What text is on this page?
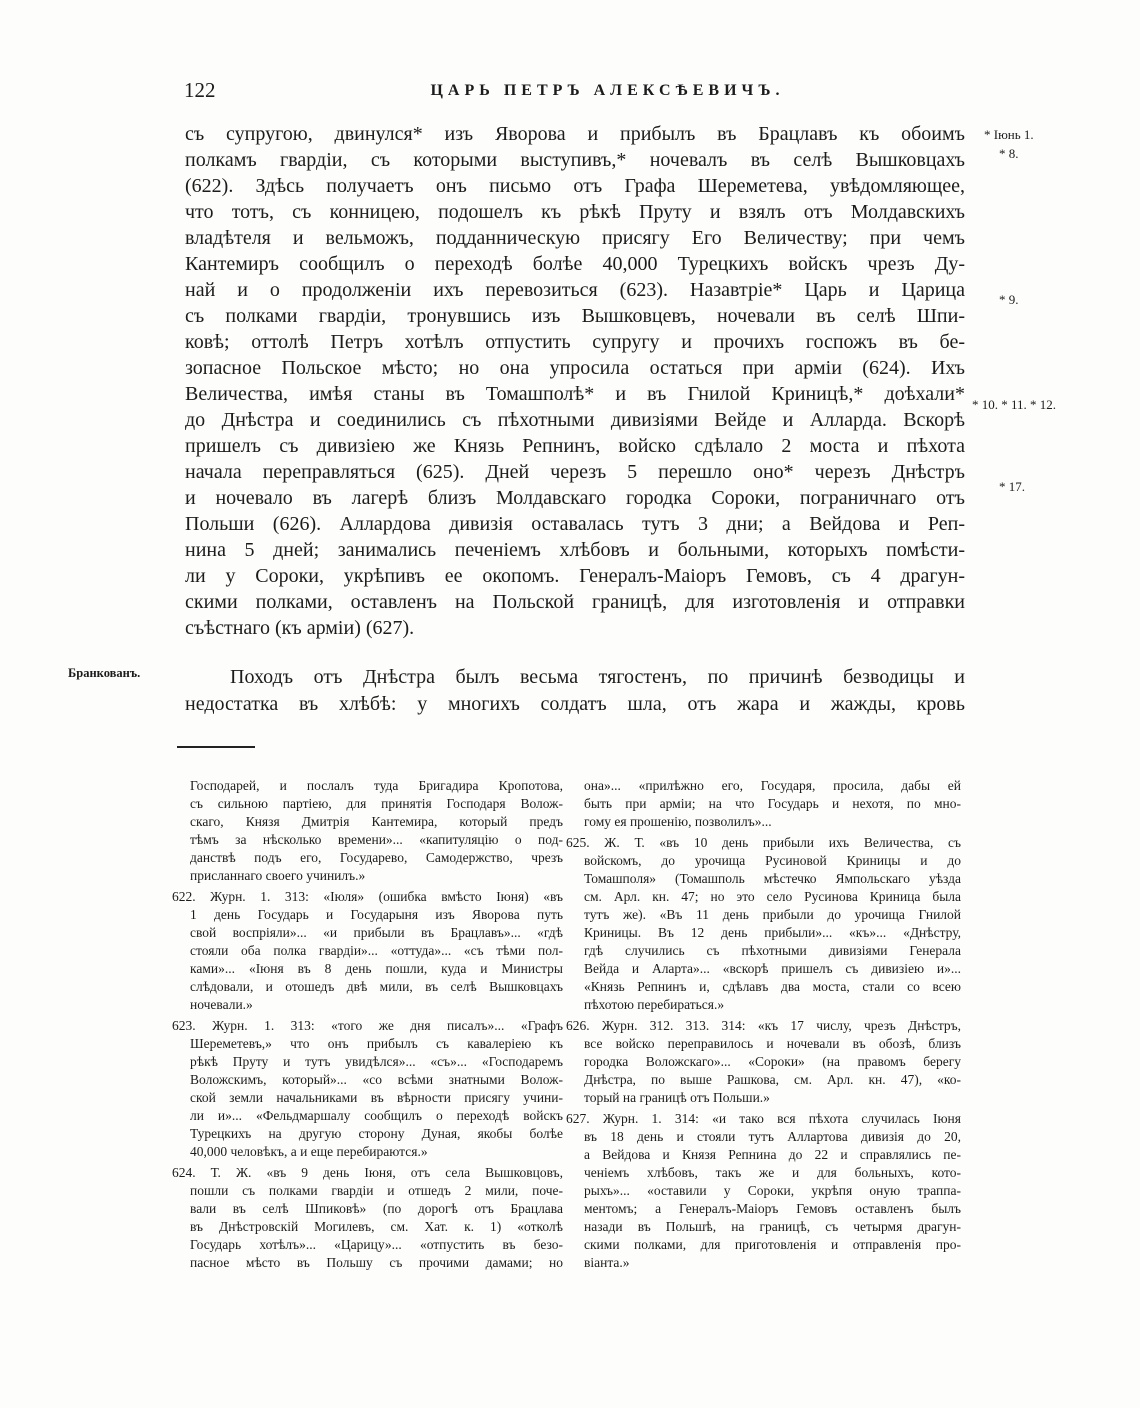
122	ЦАРЬ ПЕТРЪ АЛЕКСѢЕВИЧЪ.
* Іюнь 1.
* 8.
* 9.
* 10. * 11. * 12.
* 17.
Бранкованъ.
съ супругою, двинулся* изъ Яворова и прибылъ въ Брацлавъ къ обоимъ
полкамъ гвардіи, съ которыми выступивъ,* ночевалъ въ селѣ Вышковцахъ
(622). Здѣсь получаетъ онъ письмо отъ Графа Шереметева, увѣдомляющее,
что тотъ, съ конницею, подошелъ къ рѣкѣ Пруту и взялъ отъ Молдавскихъ
владѣтеля и вельможъ, подданническую присягу Его Величеству; при чемъ
Кантемиръ сообщилъ о переходѣ болѣе 40,000 Турецкихъ войскъ чрезъ Ду-
най и о продолженіи ихъ перевозиться (623). Назавтріе* Царь и Царица
съ полками гвардіи, тронувшись изъ Вышковцевъ, ночевали въ селѣ Шпи-
ковѣ; оттолѣ Петръ хотѣлъ отпустить супругу и прочихъ госпожъ въ бе-
зопасное Польское мѣсто; но она упросила остаться при арміи (624). Ихъ
Величества, имѣя станы въ Томашполѣ* и въ Гнилой Криницѣ,* доѣхали*
до Днѣстра и соединились съ пѣхотными дивизіями Вейде и Алларда. Вскорѣ
пришелъ съ дивизіею же Князь Репнинъ, войско сдѣлало 2 моста и пѣхота
начала переправляться (625). Дней черезъ 5 перешло оно* черезъ Днѣстръ
и ночевало въ лагерѣ близъ Молдавскаго городка Сороки, пограничнаго отъ
Польши (626). Аллардова дивизія оставалась тутъ 3 дни; а Вейдова и Реп-
нина 5 дней; занимались печеніемъ хлѣбовъ и больными, которыхъ помѣсти-
ли у Сороки, укрѣпивъ ее окопомъ. Генералъ-Маіоръ Гемовъ, съ 4 драгун-
скими полками, оставленъ на Польской границѣ, для изготовленія и отправки
съѣстнаго (къ арміи) (627).
Походъ отъ Днѣстра былъ весьма тягостенъ, по причинѣ безводицы и
недостатка въ хлѣбѣ: у многихъ солдатъ шла, отъ жара и жажды, кровь
Господарей, и послалъ туда Бригадира Кропотова,
съ сильною партіею, для принятія Господаря Волож-
скаго, Князя Дмитрія Кантемира, который предъ
тѣмъ за нѣсколько времени»... «капитуляцію о под-
данствѣ подъ его, Государево, Самодержство, чрезъ
присланнаго своего учинилъ.»
622. Журн. 1. 313: «Іюля» (ошибка вмѣсто Іюня) «въ
1 день Государь и Государыня изъ Яворова путь
свой воспріяли»... «и прибыли въ Брацлавъ»... «гдѣ
стояли оба полка гвардіи»... «оттуда»... «съ тѣми пол-
ками»... «Іюня въ 8 день пошли, куда и Министры
слѣдовали, и отошедъ двѣ мили, въ селѣ Вышковцахъ
ночевали.»
623. Журн. 1. 313: «того же дня писалъ»... «Графъ
Шереметевъ,» что онъ прибылъ съ кавалеріею къ
рѣкѣ Пруту и тутъ увидѣлся»... «съ»... «Господаремъ
Воложскимъ, который»... «со всѣми знатными Волож-
ской земли начальниками въ вѣрности присягу учини-
ли и»... «Фельдмаршалу сообщилъ о переходѣ войскъ
Турецкихъ на другую сторону Дуная, якобы болѣе
40,000 человѣкъ, а и еще перебираются.»
624. Т. Ж. «въ 9 день Іюня, отъ села Вышковцовъ,
пошли съ полками гвардіи и отшедъ 2 мили, поче-
вали въ селѣ Шпиковѣ» (по дорогѣ отъ Брацлава
въ Днѣстровскій Могилевъ, см. Хат. к. 1) «отколѣ
Государь хотѣлъ»... «Царицу»... «отпустить въ безо-
пасное мѣсто въ Польшу съ прочими дамами; но
она»... «прилѣжно его, Государя, просила, дабы ей
быть при арміи; на что Государь и нехотя, по мно-
гому ея прошенію, позволилъ»...
625. Ж. Т. «въ 10 день прибыли ихъ Величества, съ
войскомъ, до урочища Русиновой Криницы и до
Томашполя» (Томашполь мѣстечко Ямпольскаго уѣзда
см. Арл. кн. 47; но это село Русинова Криница была
тутъ же). «Въ 11 день прибыли до урочища Гнилой
Криницы. Въ 12 день прибыли»... «къ»... «Днѣстру,
гдѣ случились съ пѣхотными дивизіями Генерала
Вейда и Аларта»... «вскорѣ пришелъ съ дивизіею и»...
«Князь Репнинъ и, сдѣлавъ два моста, стали со всею
пѣхотою перебираться.»
626. Журн. 312. 313. 314: «къ 17 числу, чрезъ Днѣстръ,
все войско переправилось и ночевали въ обозѣ, близъ
городка Воложскаго»... «Сороки» (на правомъ берегу
Днѣстра, по выше Рашкова, см. Арл. кн. 47), «ко-
торый на границѣ отъ Польши.»
627. Журн. 1. 314: «и тако вся пѣхота случилась Іюня
въ 18 день и стояли тутъ Аллартова дивизія до 20,
а Вейдова и Князя Репнина до 22 и справлялись пе-
ченіемъ хлѣбовъ, такъ же и для больныхъ, кото-
рыхъ»... «оставили у Сороки, укрѣпя оную траппа-
ментомъ; а Генералъ-Маіоръ Гемовъ оставленъ былъ
назади въ Польшѣ, на границѣ, съ четырмя драгун-
скими полками, для приготовленія и отправленія про-
віанта.»
